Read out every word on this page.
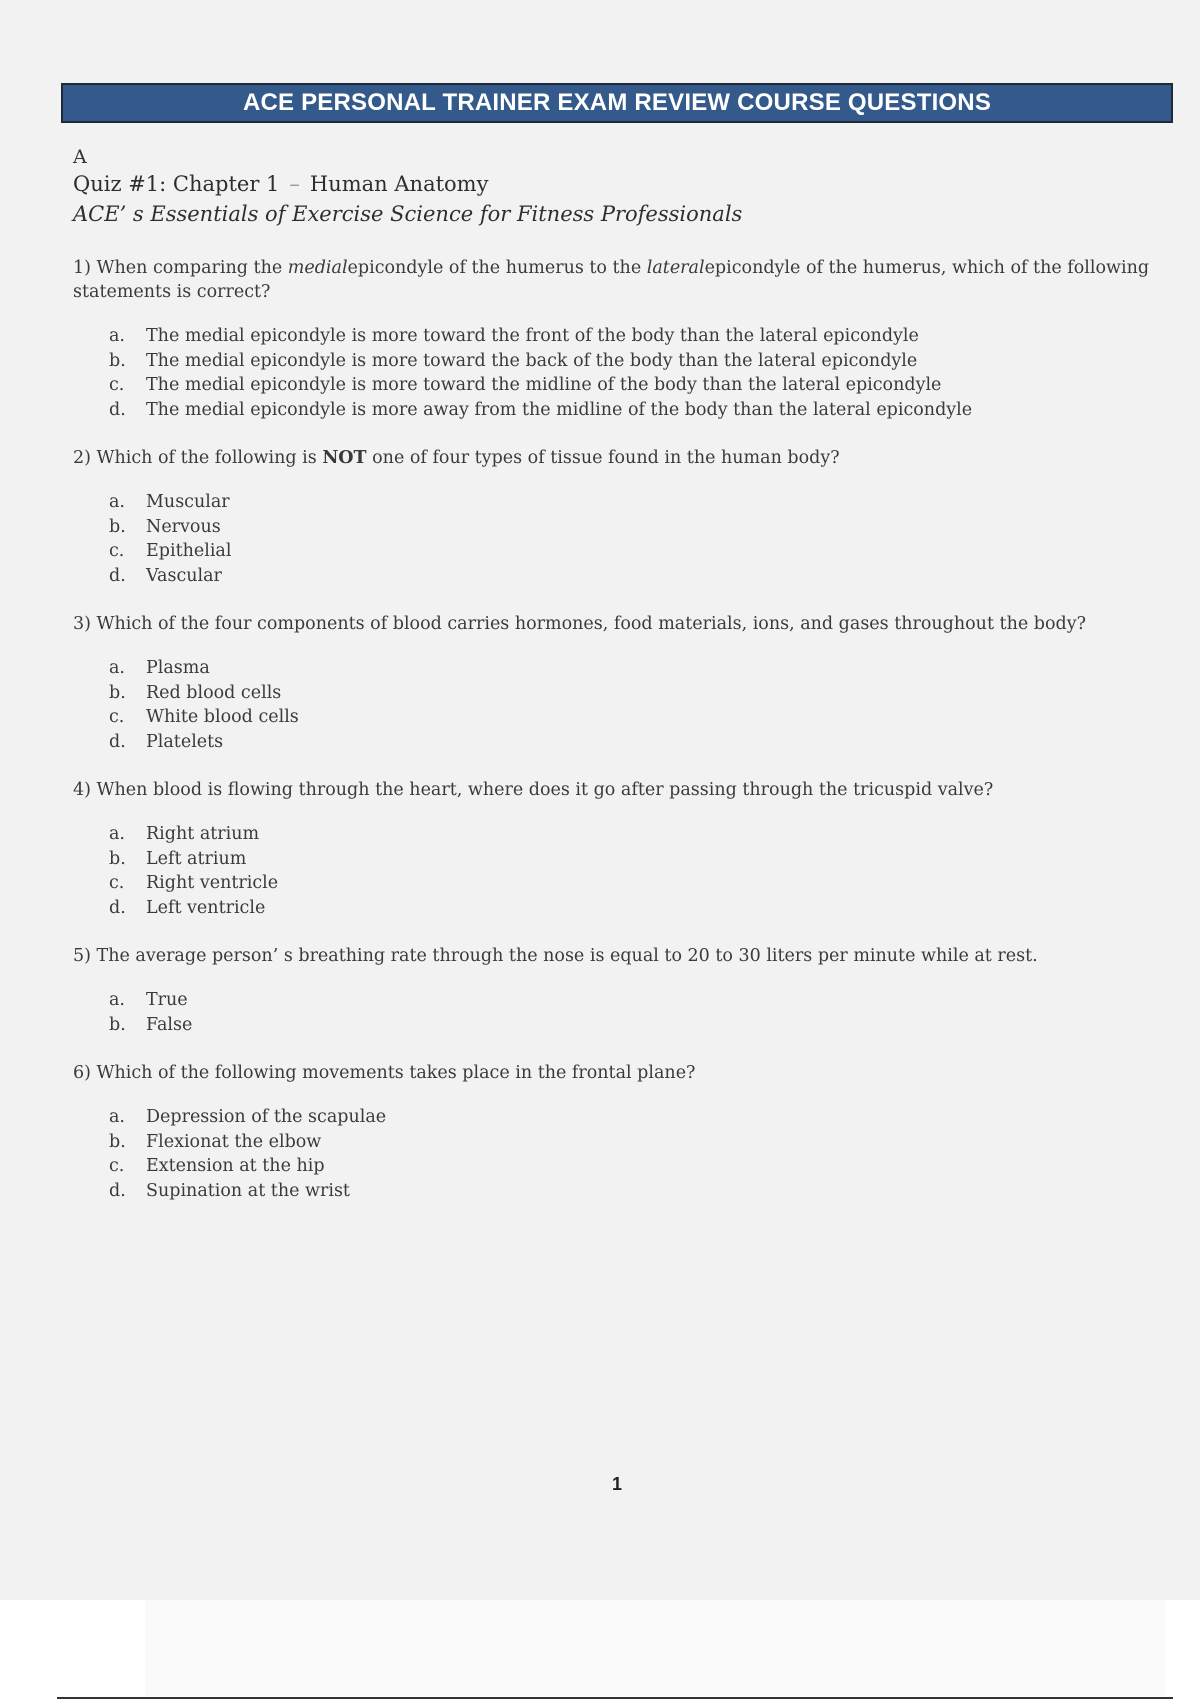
ACE PERSONAL TRAINER EXAM REVIEW COURSE QUESTIONS
A
Quiz #1: Chapter 1 – Human Anatomy
ACE’ s Essentials of Exercise Science for Fitness Professionals

1) When comparing the medialepicondyle of the humerus to the lateralepicondyle of the humerus, which of the following statements is correct?

a.	The medial epicondyle is more toward the front of the body than the lateral epicondyle
b.	The medial epicondyle is more toward the back of the body than the lateral epicondyle
c.	The medial epicondyle is more toward the midline of the body than the lateral epicondyle
d.	The medial epicondyle is more away from the midline of the body than the lateral epicondyle

2) Which of the following is NOT one of four types of tissue found in the human body?

a.	Muscular
b.	Nervous
c.	Epithelial
d.	Vascular

3) Which of the four components of blood carries hormones, food materials, ions, and gases throughout the body?

a.	Plasma
b.	Red blood cells
c.	White blood cells
d.	Platelets

4) When blood is flowing through the heart, where does it go after passing through the tricuspid valve?

a.	Right atrium
b.	Left atrium
c.	Right ventricle
d.	Left ventricle

5) The average person’ s breathing rate through the nose is equal to 20 to 30 liters per minute while at rest.

a.	True
b.	False

6) Which of the following movements takes place in the frontal plane?

a.	Depression of the scapulae
b.	Flexionat the elbow
c.	Extension at the hip
d.	Supination at the wrist
1
